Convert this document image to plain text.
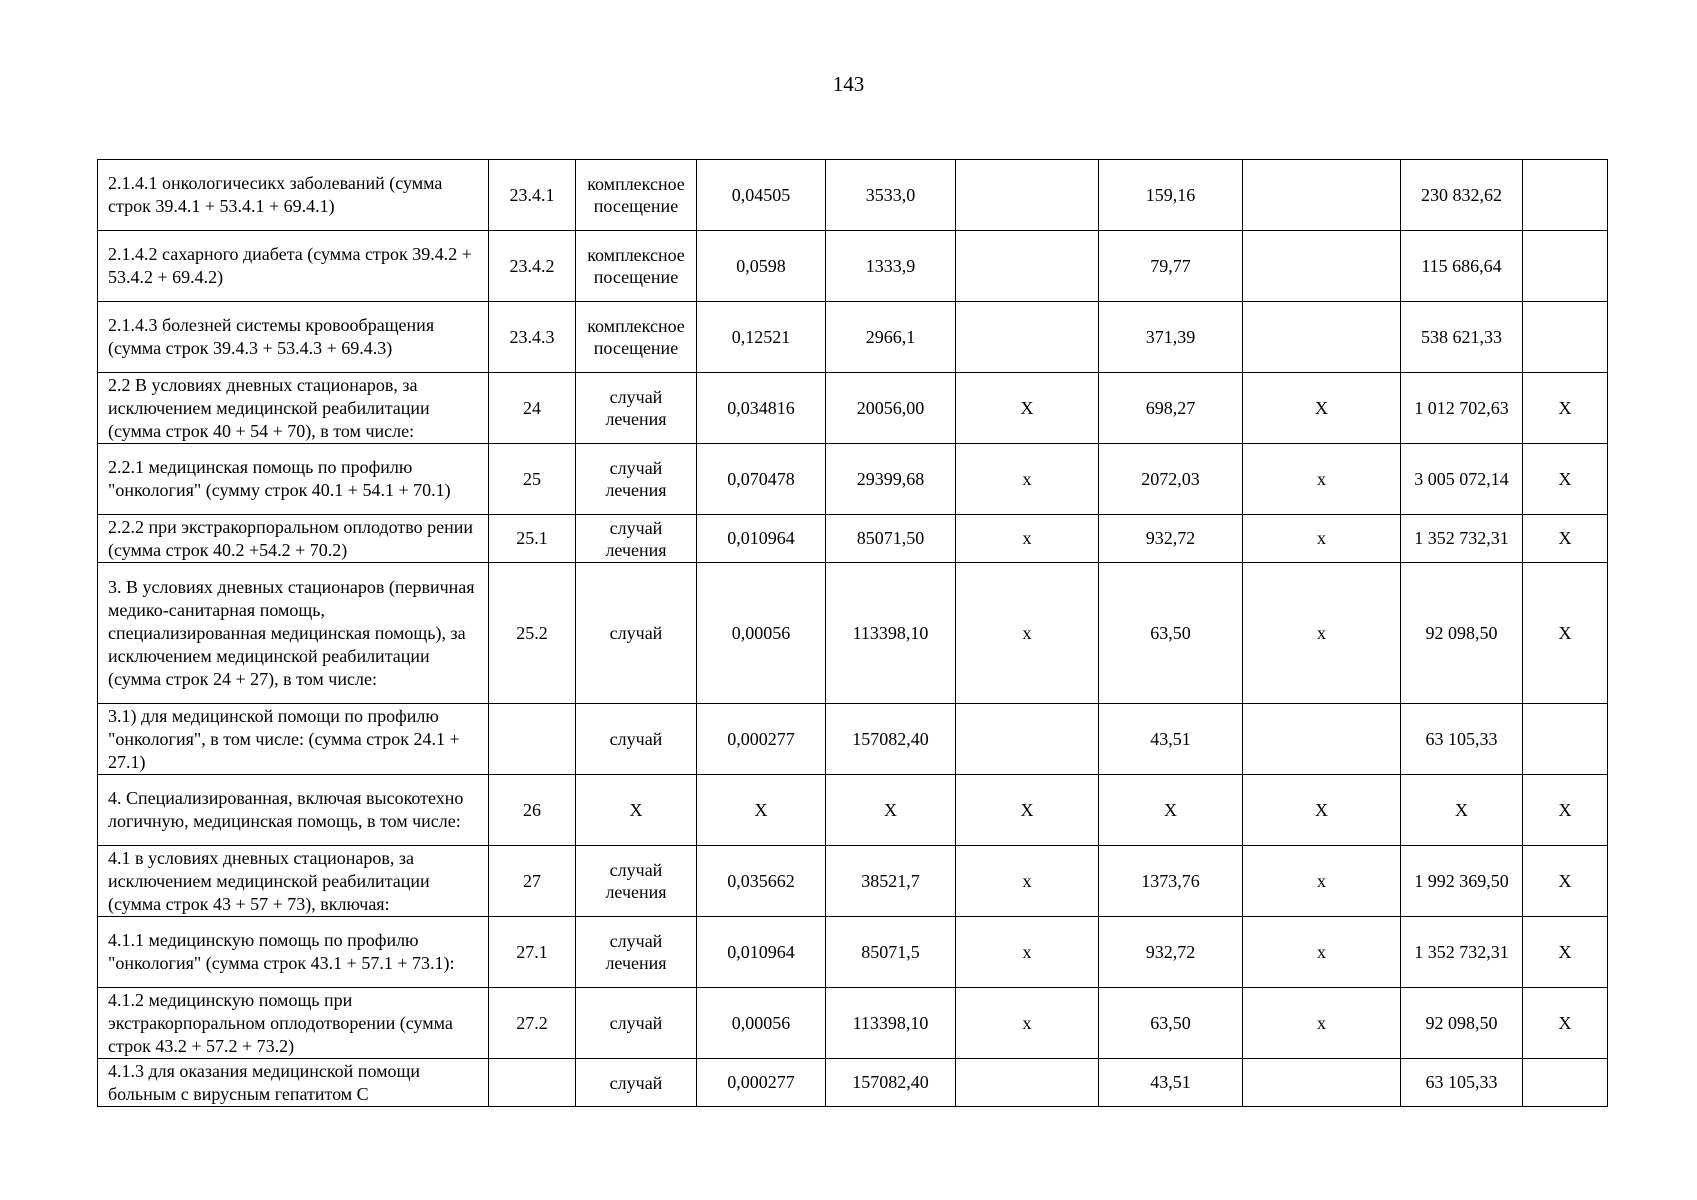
143
2.1.4.1 онкологичесикх заболеваний (сумма строк 39.4.1 + 53.4.1 + 69.4.1)	23.4.1	комплексное посещение	0,04505	3533,0		159,16		230 832,62	
2.1.4.2 сахарного диабета (сумма строк 39.4.2 + 53.4.2 + 69.4.2)	23.4.2	комплексное посещение	0,0598	1333,9		79,77		115 686,64	
2.1.4.3 болезней системы кровообращения (сумма строк 39.4.3 + 53.4.3 + 69.4.3)	23.4.3	комплексное посещение	0,12521	2966,1		371,39		538 621,33	
2.2 В условиях дневных стационаров, за исключением медицинской реабилитации (сумма строк 40 + 54 + 70), в том числе:	24	случай лечения	0,034816	20056,00	X	698,27	X	1 012 702,63	X
2.2.1 медицинская помощь по профилю "онкология" (сумму строк 40.1 + 54.1 + 70.1)	25	случай лечения	0,070478	29399,68	х	2072,03	х	3 005 072,14	X
2.2.2 при экстракорпоральном оплодотво рении (сумма строк 40.2 +54.2 + 70.2)	25.1	случай лечения	0,010964	85071,50	х	932,72	х	1 352 732,31	X
3. В условиях дневных стационаров (первичная медико-санитарная помощь, специализированная медицинская помощь), за исключением медицинской реабилитации (сумма строк 24 + 27), в том числе:	25.2	случай	0,00056	113398,10	х	63,50	х	92 098,50	X
3.1) для медицинской помощи по профилю "онкология", в том числе: (сумма строк 24.1 + 27.1)		случай	0,000277	157082,40		43,51		63 105,33	
4. Специализированная, включая высокотехно логичную, медицинская помощь, в том числе:	26	X	X	X	X	X	X	X	X
4.1 в условиях дневных стационаров, за исключением медицинской реабилитации (сумма строк 43 + 57 + 73), включая:	27	случай лечения	0,035662	38521,7	х	1373,76	х	1 992 369,50	X
4.1.1 медицинскую помощь по профилю "онкология" (сумма строк 43.1 + 57.1 + 73.1):	27.1	случай лечения	0,010964	85071,5	х	932,72	х	1 352 732,31	X
4.1.2 медицинскую помощь при экстракорпоральном оплодотворении (сумма строк 43.2 + 57.2 + 73.2)	27.2	случай	0,00056	113398,10	х	63,50	х	92 098,50	X
4.1.3 для оказания медицинской помощи больным с вирусным гепатитом С		случай	0,000277	157082,40		43,51		63 105,33	
